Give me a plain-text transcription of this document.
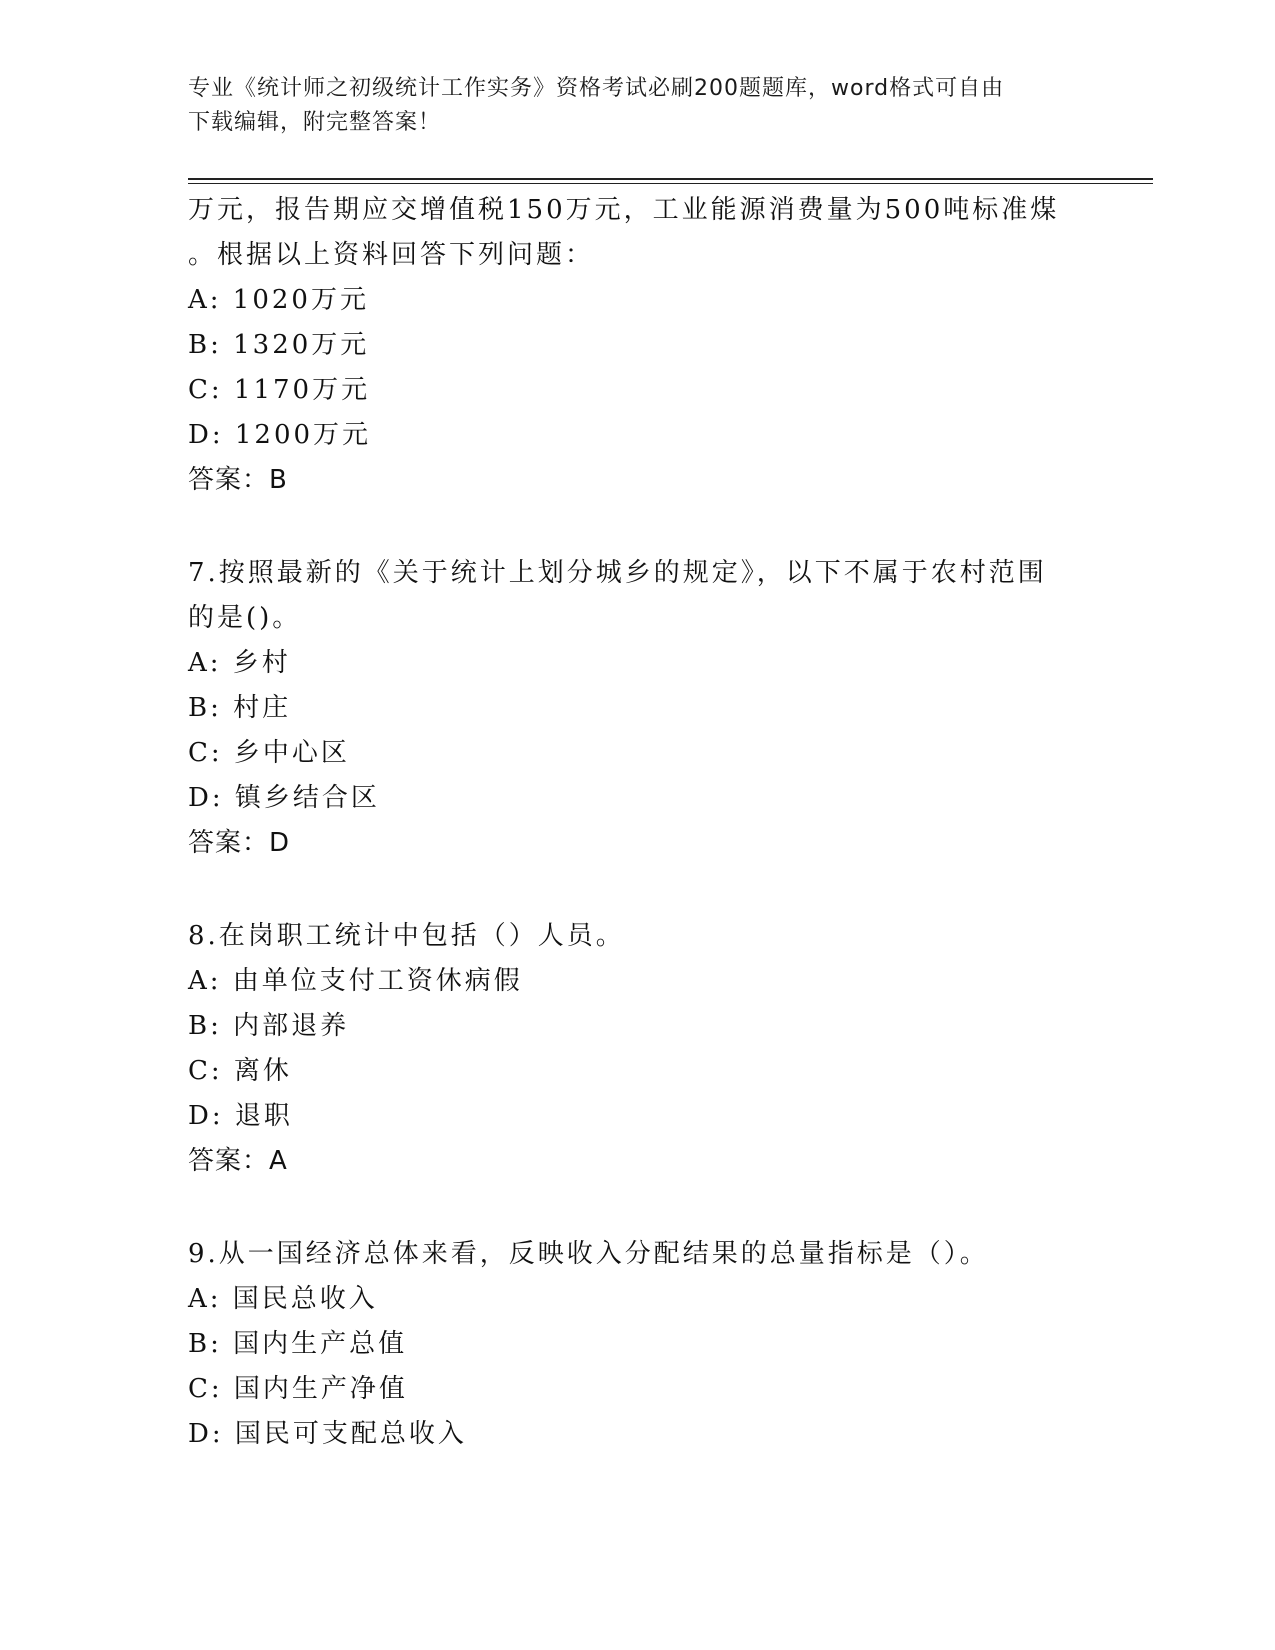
专业《统计师之初级统计工作实务》资格考试必刷200题题库，word格式可自由
下载编辑，附完整答案！
万元，报告期应交增值税150万元，工业能源消费量为500吨标准煤
。根据以上资料回答下列问题：
A: 1020万元
B: 1320万元
C: 1170万元
D: 1200万元
答案：B
7.按照最新的《关于统计上划分城乡的规定》，以下不属于农村范围
的是()。
A: 乡村
B: 村庄
C: 乡中心区
D: 镇乡结合区
答案：D
8.在岗职工统计中包括（）人员。
A: 由单位支付工资休病假
B: 内部退养
C: 离休
D: 退职
答案：A
9.从一国经济总体来看，反映收入分配结果的总量指标是（）。
A: 国民总收入
B: 国内生产总值
C: 国内生产净值
D: 国民可支配总收入
